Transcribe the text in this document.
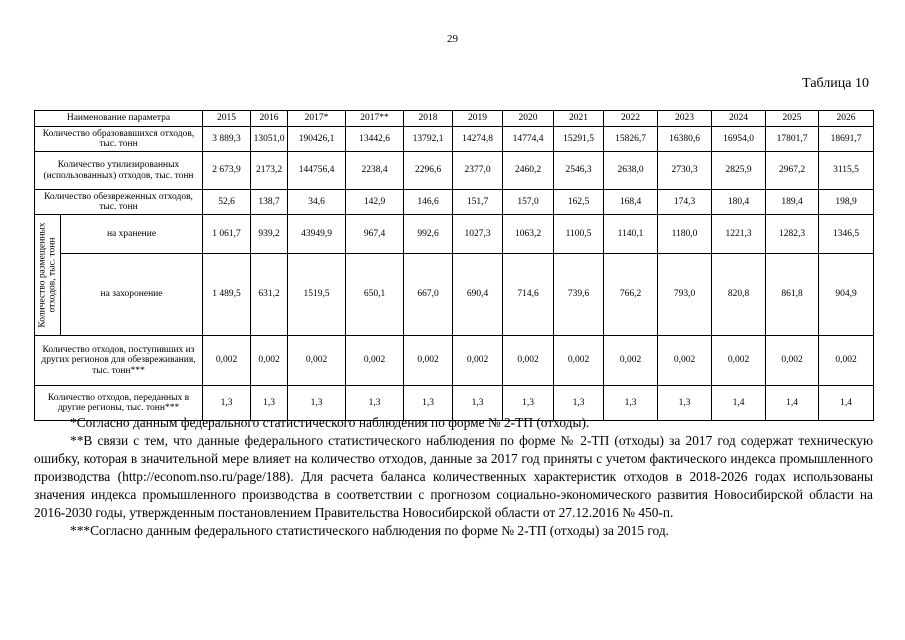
29
Таблица 10
Наименование параметра		2015	2016	2017*	2017**	2018	2019	2020	2021	2022	2023	2024	2025	2026
Количество образовавшихся отходов, тыс. тонн		3 889,3	13051,0	190426,1	13442,6	13792,1	14274,8	14774,4	15291,5	15826,7	16380,6	16954,0	17801,7	18691,7
Количество утилизированных (использованных) отходов, тыс. тонн		2 673,9	2173,2	144756,4	2238,4	2296,6	2377,0	2460,2	2546,3	2638,0	2730,3	2825,9	2967,2	3115,5
Количество обезвреженных отходов, тыс. тонн		52,6	138,7	34,6	142,9	146,6	151,7	157,0	162,5	168,4	174,3	180,4	189,4	198,9

Количество размещенных отходов, тыс. тонн	на хранение	1 061,7	939,2	43949,9	967,4	992,6	1027,3	1063,2	1100,5	1140,1	1180,0	1221,3	1282,3	1346,5
	на захоронение	1 489,5	631,2	1519,5	650,1	667,0	690,4	714,6	739,6	766,2	793,0	820,8	861,8	904,9
Количество отходов, поступивших из других регионов для обезвреживания, тыс. тонн***		0,002	0,002	0,002	0,002	0,002	0,002	0,002	0,002	0,002	0,002	0,002	0,002	0,002
Количество отходов, переданных в другие регионы, тыс. тонн***		1,3	1,3	1,3	1,3	1,3	1,3	1,3	1,3	1,3	1,3	1,4	1,4	1,4

*Согласно данным федерального статистического наблюдения по форме № 2-ТП (отходы).

**В связи с тем, что данные федерального статистического наблюдения по форме № 2-ТП (отходы) за 2017 год содержат техническую ошибку, которая в значительной мере влияет на количество отходов, данные за 2017 год приняты с учетом фактического индекса промышленного производства (http://econom.nso.ru/page/188). Для расчета баланса количественных характеристик отходов в 2018-2026 годах использованы значения индекса промышленного производства в соответствии с прогнозом социально-экономического развития Новосибирской области на 2016-2030 годы, утвержденным постановлением Правительства Новосибирской области от 27.12.2016 № 450-п.

***Согласно данным федерального статистического наблюдения по форме № 2-ТП (отходы) за 2015 год.
